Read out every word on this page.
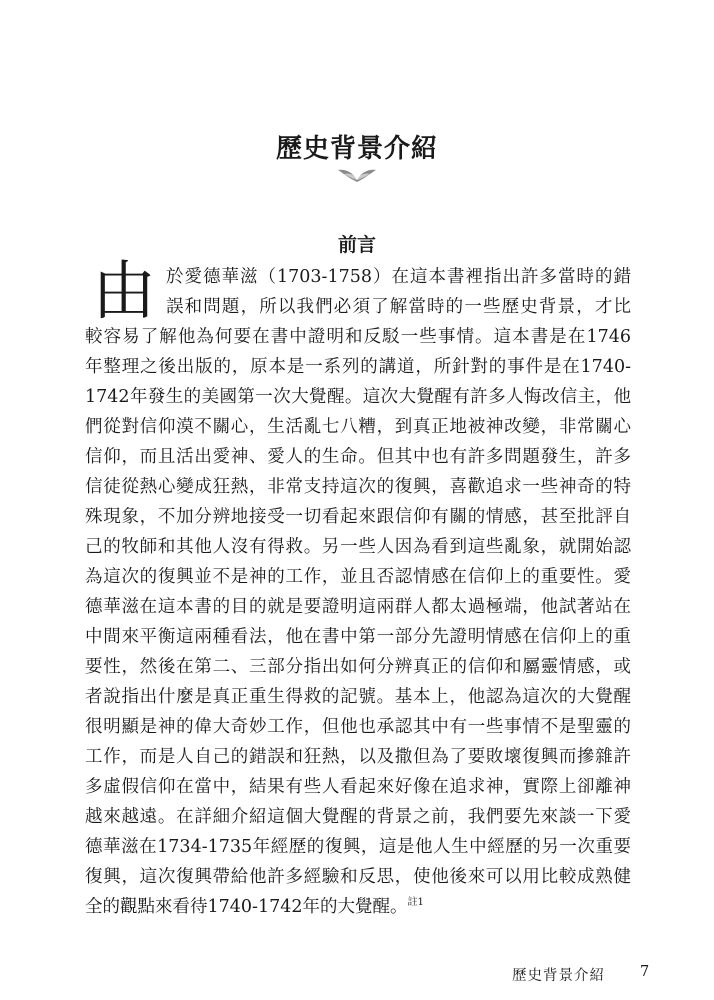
歷史背景介紹
前言
由 於愛德華滋（1703-1758）在這本書裡指出許多當時的錯
誤和問題，所以我們必須了解當時的一些歷史背景，才比
較容易了解他為何要在書中證明和反駁一些事情。這本書是在1746
年整理之後出版的，原本是一系列的講道，所針對的事件是在1740-
1742年發生的美國第一次大覺醒。這次大覺醒有許多人悔改信主，他
們從對信仰漠不關心，生活亂七八糟，到真正地被神改變，非常關心
信仰，而且活出愛神、愛人的生命。但其中也有許多問題發生，許多
信徒從熱心變成狂熱，非常支持這次的復興，喜歡追求一些神奇的特
殊現象，不加分辨地接受一切看起來跟信仰有關的情感，甚至批評自
己的牧師和其他人沒有得救。另一些人因為看到這些亂象，就開始認
為這次的復興並不是神的工作，並且否認情感在信仰上的重要性。愛
德華滋在這本書的目的就是要證明這兩群人都太過極端，他試著站在
中間來平衡這兩種看法，他在書中第一部分先證明情感在信仰上的重
要性，然後在第二、三部分指出如何分辨真正的信仰和屬靈情感，或
者說指出什麼是真正重生得救的記號。基本上，他認為這次的大覺醒
很明顯是神的偉大奇妙工作，但他也承認其中有一些事情不是聖靈的
工作，而是人自己的錯誤和狂熱，以及撒但為了要敗壞復興而摻雜許
多虛假信仰在當中，結果有些人看起來好像在追求神，實際上卻離神
越來越遠。在詳細介紹這個大覺醒的背景之前，我們要先來談一下愛
德華滋在1734-1735年經歷的復興，這是他人生中經歷的另一次重要
復興，這次復興帶給他許多經驗和反思，使他後來可以用比較成熟健
全的觀點來看待1740-1742年的大覺醒。$^{註1}$
歷史背景介紹 7
